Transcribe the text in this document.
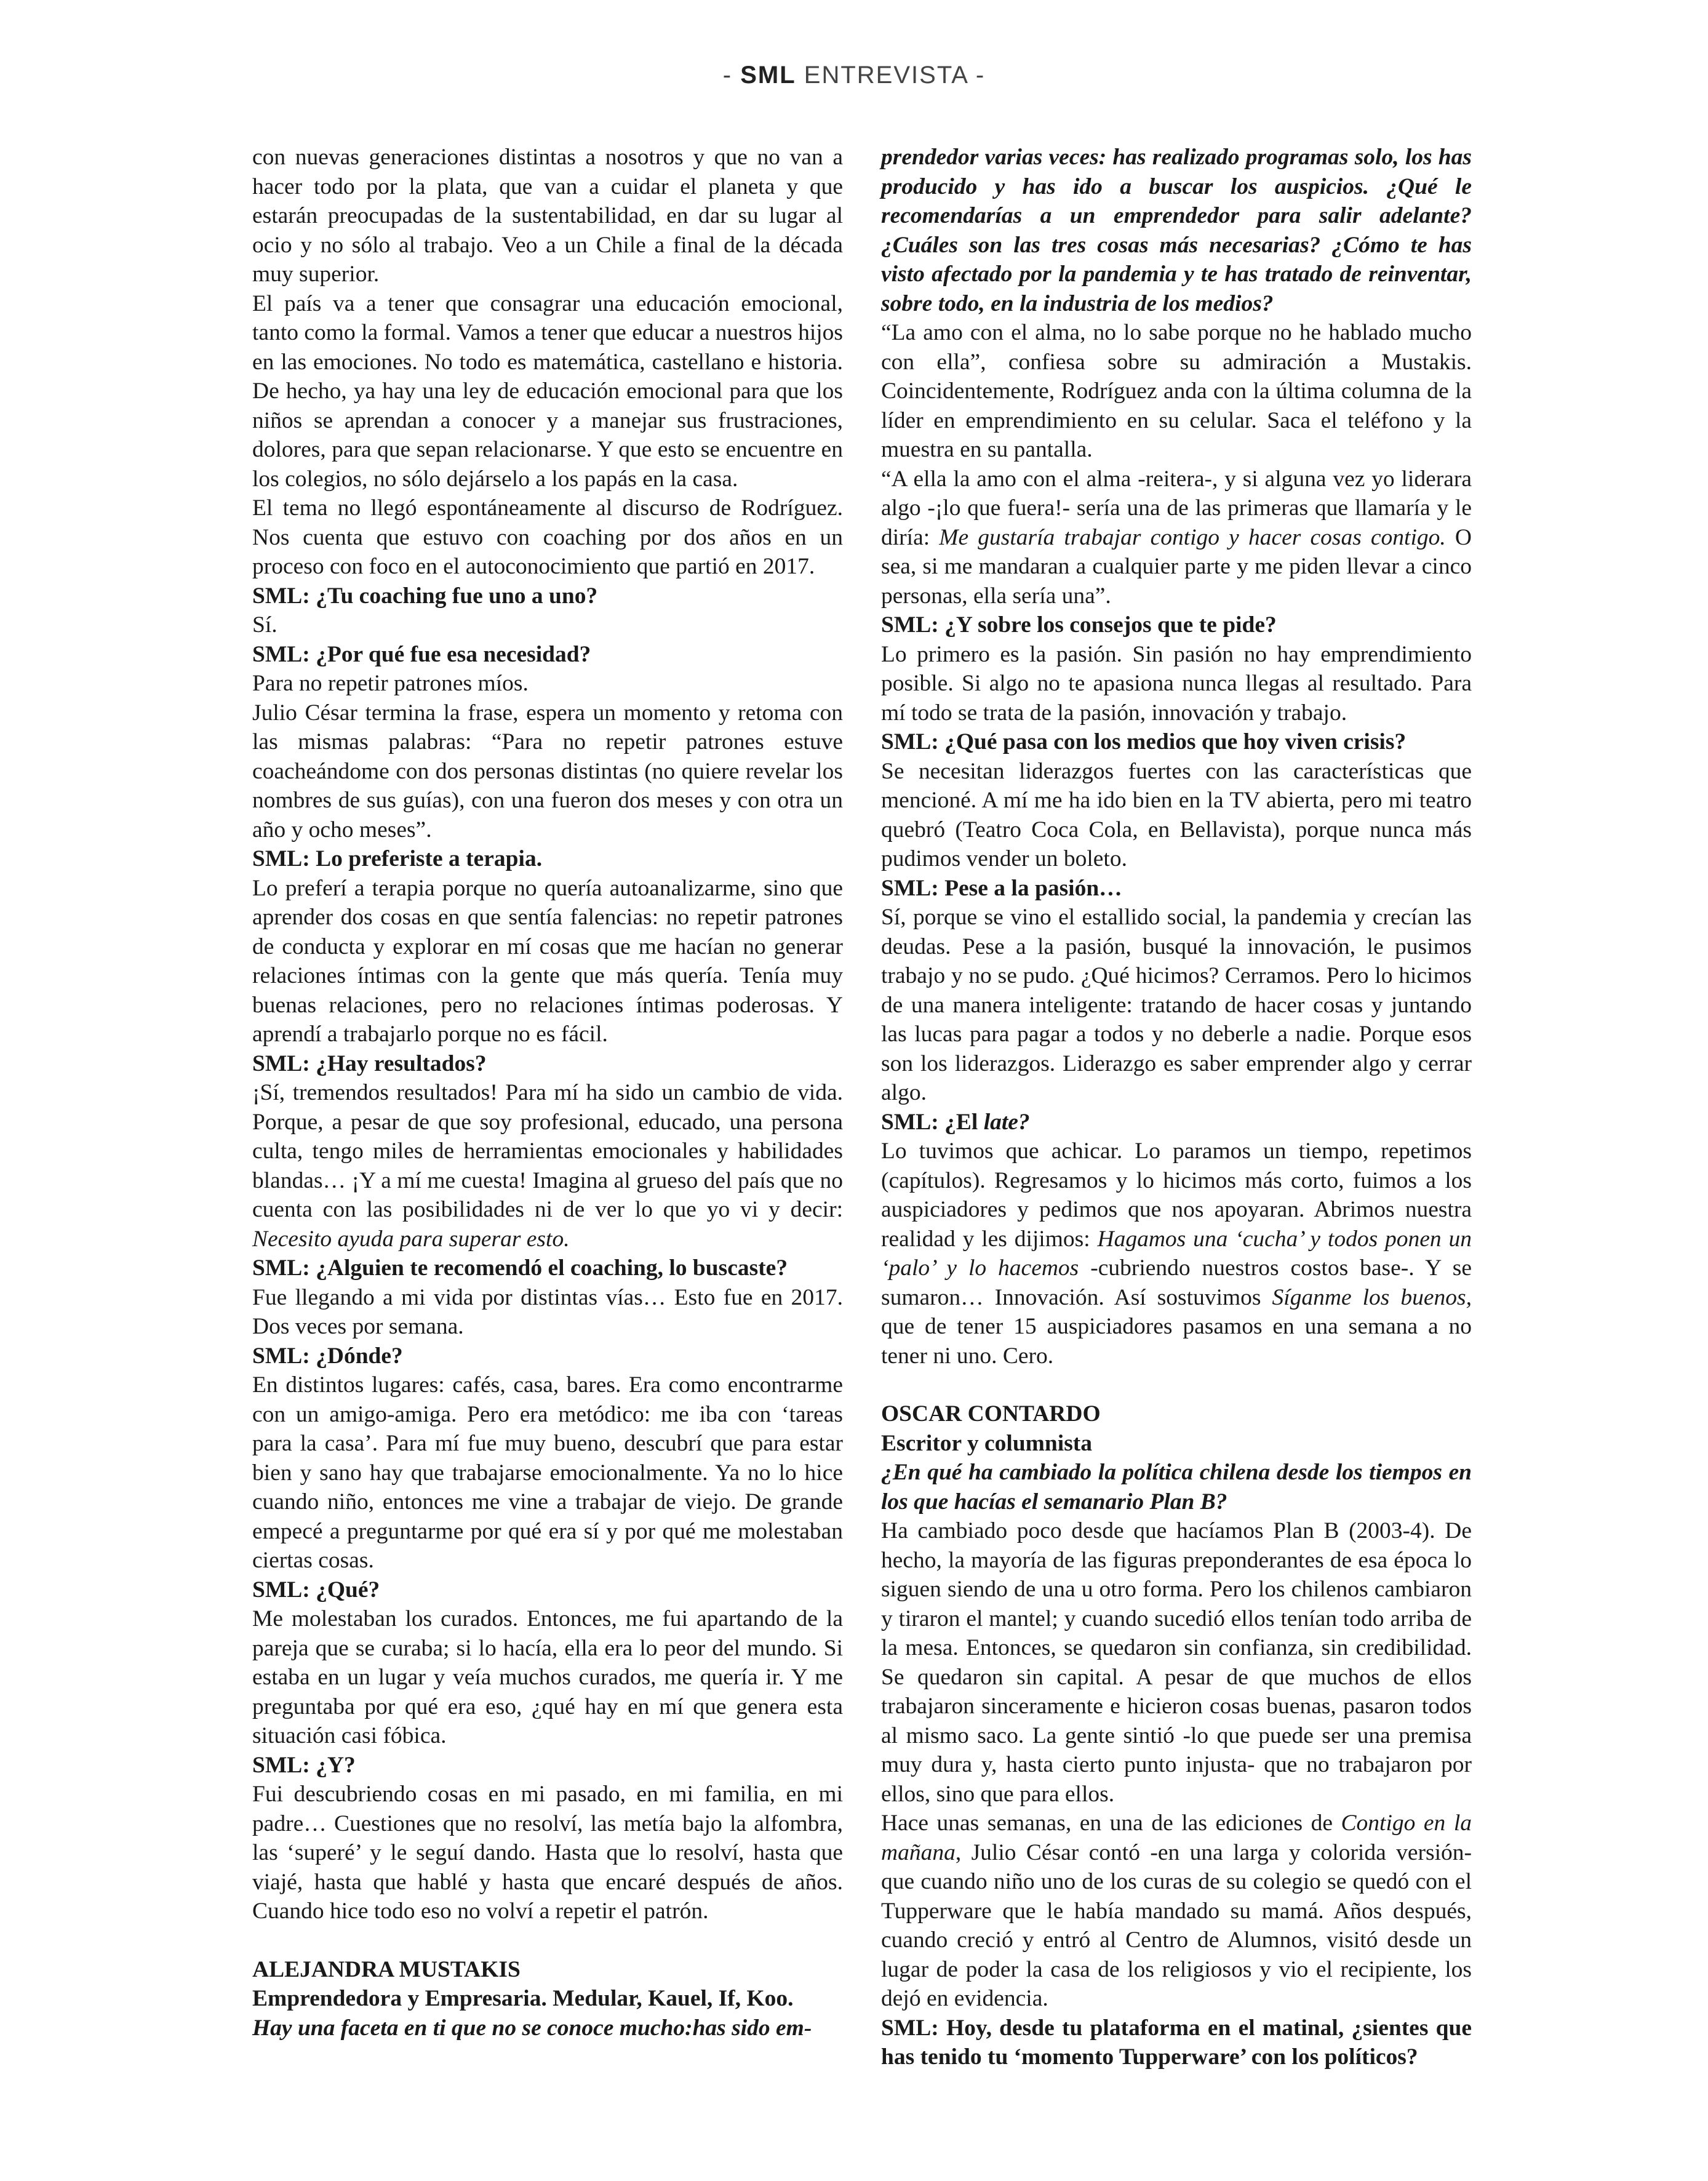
- SML ENTREVISTA -

con nuevas generaciones distintas a nosotros y que no van a hacer todo por la plata, que van a cuidar el planeta y que estarán preocupadas de la sustentabilidad, en dar su lugar al ocio y no sólo al trabajo. Veo a un Chile a final de la década muy superior.

El país va a tener que consagrar una educación emocional, tanto como la formal. Vamos a tener que educar a nuestros hijos en las emociones. No todo es matemática, castellano e historia. De hecho, ya hay una ley de educación emocional para que los niños se aprendan a conocer y a manejar sus frustraciones, dolores, para que sepan relacionarse. Y que esto se encuentre en los colegios, no sólo dejárselo a los papás en la casa.

El tema no llegó espontáneamente al discurso de Rodríguez. Nos cuenta que estuvo con coaching por dos años en un proceso con foco en el autoconocimiento que partió en 2017.

SML: ¿Tu coaching fue uno a uno?

Sí.

SML: ¿Por qué fue esa necesidad?

Para no repetir patrones míos.

Julio César termina la frase, espera un momento y retoma con las mismas palabras: “Para no repetir patrones estuve coacheándome con dos personas distintas (no quiere revelar los nombres de sus guías), con una fueron dos meses y con otra un año y ocho meses”.

SML: Lo preferiste a terapia.

Lo preferí a terapia porque no quería autoanalizarme, sino que aprender dos cosas en que sentía falencias: no repetir patrones de conducta y explorar en mí cosas que me hacían no generar relaciones íntimas con la gente que más quería. Tenía muy buenas relaciones, pero no relaciones íntimas poderosas. Y aprendí a trabajarlo porque no es fácil.

SML: ¿Hay resultados?

¡Sí, tremendos resultados! Para mí ha sido un cambio de vida. Porque, a pesar de que soy profesional, educado, una persona culta, tengo miles de herramientas emocionales y habilidades blandas… ¡Y a mí me cuesta! Imagina al grueso del país que no cuenta con las posibilidades ni de ver lo que yo vi y decir: Necesito ayuda para superar esto.

SML: ¿Alguien te recomendó el coaching, lo buscaste?

Fue llegando a mi vida por distintas vías… Esto fue en 2017. Dos veces por semana.

SML: ¿Dónde?

En distintos lugares: cafés, casa, bares. Era como encontrarme con un amigo-amiga. Pero era metódico: me iba con ‘tareas para la casa’. Para mí fue muy bueno, descubrí que para estar bien y sano hay que trabajarse emocionalmente. Ya no lo hice cuando niño, entonces me vine a trabajar de viejo. De grande empecé a preguntarme por qué era sí y por qué me molestaban ciertas cosas.

SML: ¿Qué?

Me molestaban los curados. Entonces, me fui apartando de la pareja que se curaba; si lo hacía, ella era lo peor del mundo. Si estaba en un lugar y veía muchos curados, me quería ir. Y me preguntaba por qué era eso, ¿qué hay en mí que genera esta situación casi fóbica.

SML: ¿Y?

Fui descubriendo cosas en mi pasado, en mi familia, en mi padre… Cuestiones que no resolví, las metía bajo la alfombra, las ‘superé’ y le seguí dando. Hasta que lo resolví, hasta que viajé, hasta que hablé y hasta que encaré después de años. Cuando hice todo eso no volví a repetir el patrón.

ALEJANDRA MUSTAKIS

Emprendedora y Empresaria. Medular, Kauel, If, Koo.

Hay una faceta en ti que no se conoce mucho:has sido em-

prendedor varias veces: has realizado programas solo, los has producido y has ido a buscar los auspicios. ¿Qué le recomendarías a un emprendedor para salir adelante? ¿Cuáles son las tres cosas más necesarias? ¿Cómo te has visto afectado por la pandemia y te has tratado de reinventar, sobre todo, en la industria de los medios?

“La amo con el alma, no lo sabe porque no he hablado mucho con ella”, confiesa sobre su admiración a Mustakis. Coincidentemente, Rodríguez anda con la última columna de la líder en emprendimiento en su celular. Saca el teléfono y la muestra en su pantalla.

“A ella la amo con el alma -reitera-, y si alguna vez yo liderara algo -¡lo que fuera!- sería una de las primeras que llamaría y le diría: Me gustaría trabajar contigo y hacer cosas contigo. O sea, si me mandaran a cualquier parte y me piden llevar a cinco personas, ella sería una”.

SML: ¿Y sobre los consejos que te pide?

Lo primero es la pasión. Sin pasión no hay emprendimiento posible. Si algo no te apasiona nunca llegas al resultado. Para mí todo se trata de la pasión, innovación y trabajo.

SML: ¿Qué pasa con los medios que hoy viven crisis?

Se necesitan liderazgos fuertes con las características que mencioné. A mí me ha ido bien en la TV abierta, pero mi teatro quebró (Teatro Coca Cola, en Bellavista), porque nunca más pudimos vender un boleto.

SML: Pese a la pasión…

Sí, porque se vino el estallido social, la pandemia y crecían las deudas. Pese a la pasión, busqué la innovación, le pusimos trabajo y no se pudo. ¿Qué hicimos? Cerramos. Pero lo hicimos de una manera inteligente: tratando de hacer cosas y juntando las lucas para pagar a todos y no deberle a nadie. Porque esos son los liderazgos. Liderazgo es saber emprender algo y cerrar algo.

SML: ¿El late?

Lo tuvimos que achicar. Lo paramos un tiempo, repetimos (capítulos). Regresamos y lo hicimos más corto, fuimos a los auspiciadores y pedimos que nos apoyaran. Abrimos nuestra realidad y les dijimos: Hagamos una ‘cucha’ y todos ponen un ‘palo’ y lo hacemos -cubriendo nuestros costos base-. Y se sumaron… Innovación. Así sostuvimos Síganme los buenos, que de tener 15 auspiciadores pasamos en una semana a no tener ni uno. Cero.

OSCAR CONTARDO

Escritor y columnista

¿En qué ha cambiado la política chilena desde los tiempos en los que hacías el semanario Plan B?

Ha cambiado poco desde que hacíamos Plan B (2003-4). De hecho, la mayoría de las figuras preponderantes de esa época lo siguen siendo de una u otro forma. Pero los chilenos cambiaron y tiraron el mantel; y cuando sucedió ellos tenían todo arriba de la mesa. Entonces, se quedaron sin confianza, sin credibilidad. Se quedaron sin capital. A pesar de que muchos de ellos trabajaron sinceramente e hicieron cosas buenas, pasaron todos al mismo saco. La gente sintió -lo que puede ser una premisa muy dura y, hasta cierto punto injusta- que no trabajaron por ellos, sino que para ellos.

Hace unas semanas, en una de las ediciones de Contigo en la mañana, Julio César contó -en una larga y colorida versión- que cuando niño uno de los curas de su colegio se quedó con el Tupperware que le había mandado su mamá. Años después, cuando creció y entró al Centro de Alumnos, visitó desde un lugar de poder la casa de los religiosos y vio el recipiente, los dejó en evidencia.

SML: Hoy, desde tu plataforma en el matinal, ¿sientes que has tenido tu ‘momento Tupperware’ con los políticos?
